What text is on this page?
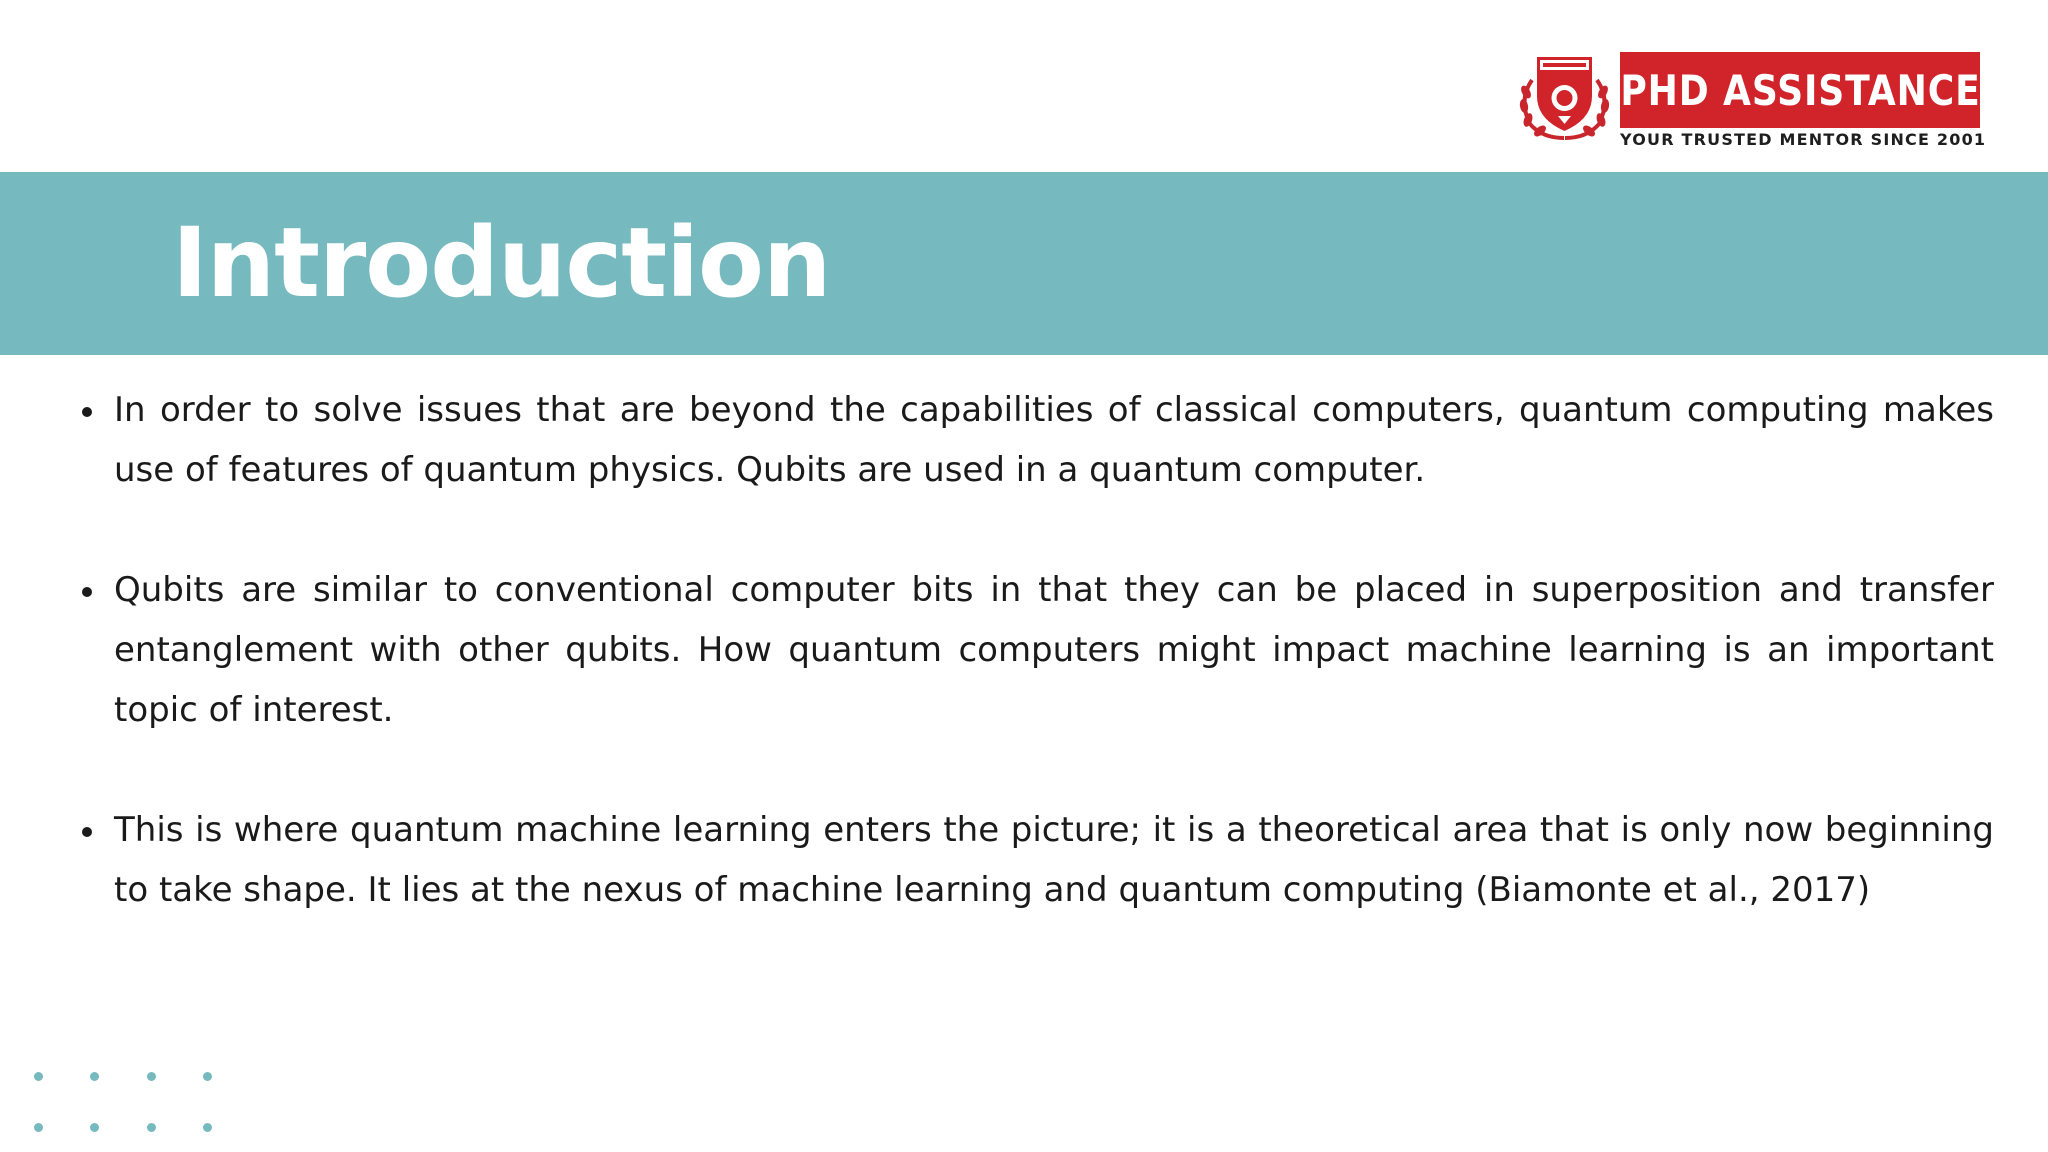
PHD ASSISTANCE
YOUR TRUSTED MENTOR SINCE 2001
Introduction

In order to solve issues that are beyond the capabilities of classical computers, quantum computing makes use of features of quantum physics. Qubits are used in a quantum computer.

Qubits are similar to conventional computer bits in that they can be placed in superposition and transfer entanglement with other qubits. How quantum computers might impact machine learning is an important topic of interest.

This is where quantum machine learning enters the picture; it is a theoretical area that is only now beginning to take shape. It lies at the nexus of machine learning and quantum computing (Biamonte et al., 2017)
